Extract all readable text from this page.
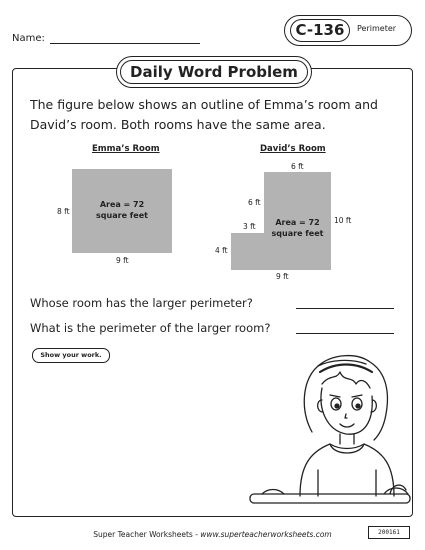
Name:	C-136	Perimeter
Daily Word Problem
The figure below shows an outline of Emma’s room and David’s room. Both rooms have the same area.
Emma’s Room
Area = 72
square feet
8 ft
9 ft
David’s Room
6 ft
6 ft
3 ft
4 ft
10 ft
9 ft
Area = 72
square feet
Whose room has the larger perimeter?
What is the perimeter of the larger room?
Show your work.
Super Teacher Worksheets - www.superteacherworksheets.com	200161
